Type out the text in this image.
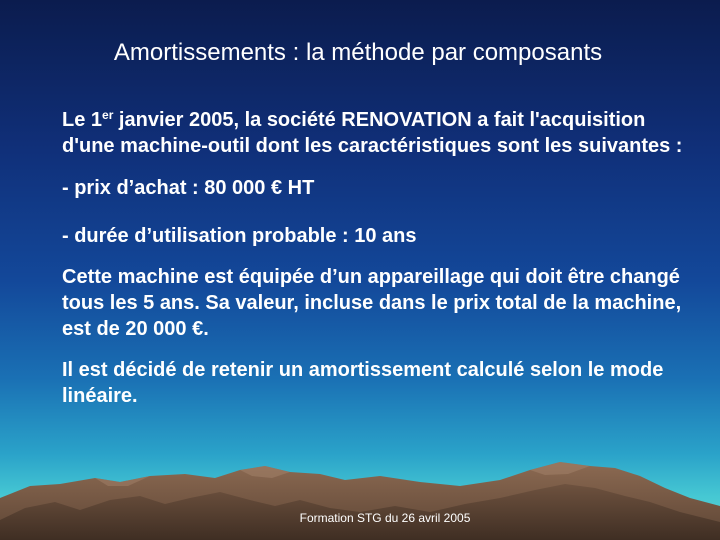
Amortissements : la méthode par composants

Le 1er janvier 2005, la société RENOVATION a fait l'acquisition d'une machine-outil dont les caractéristiques sont les suivantes :

- prix d’achat : 80 000 € HT

- durée d’utilisation probable : 10 ans

Cette machine est équipée d’un appareillage qui doit être changé tous les 5 ans. Sa valeur, incluse dans le prix total de la machine, est de 20 000 €.

Il est décidé de retenir un amortissement calculé selon le mode linéaire.

Formation STG du 26 avril 2005
